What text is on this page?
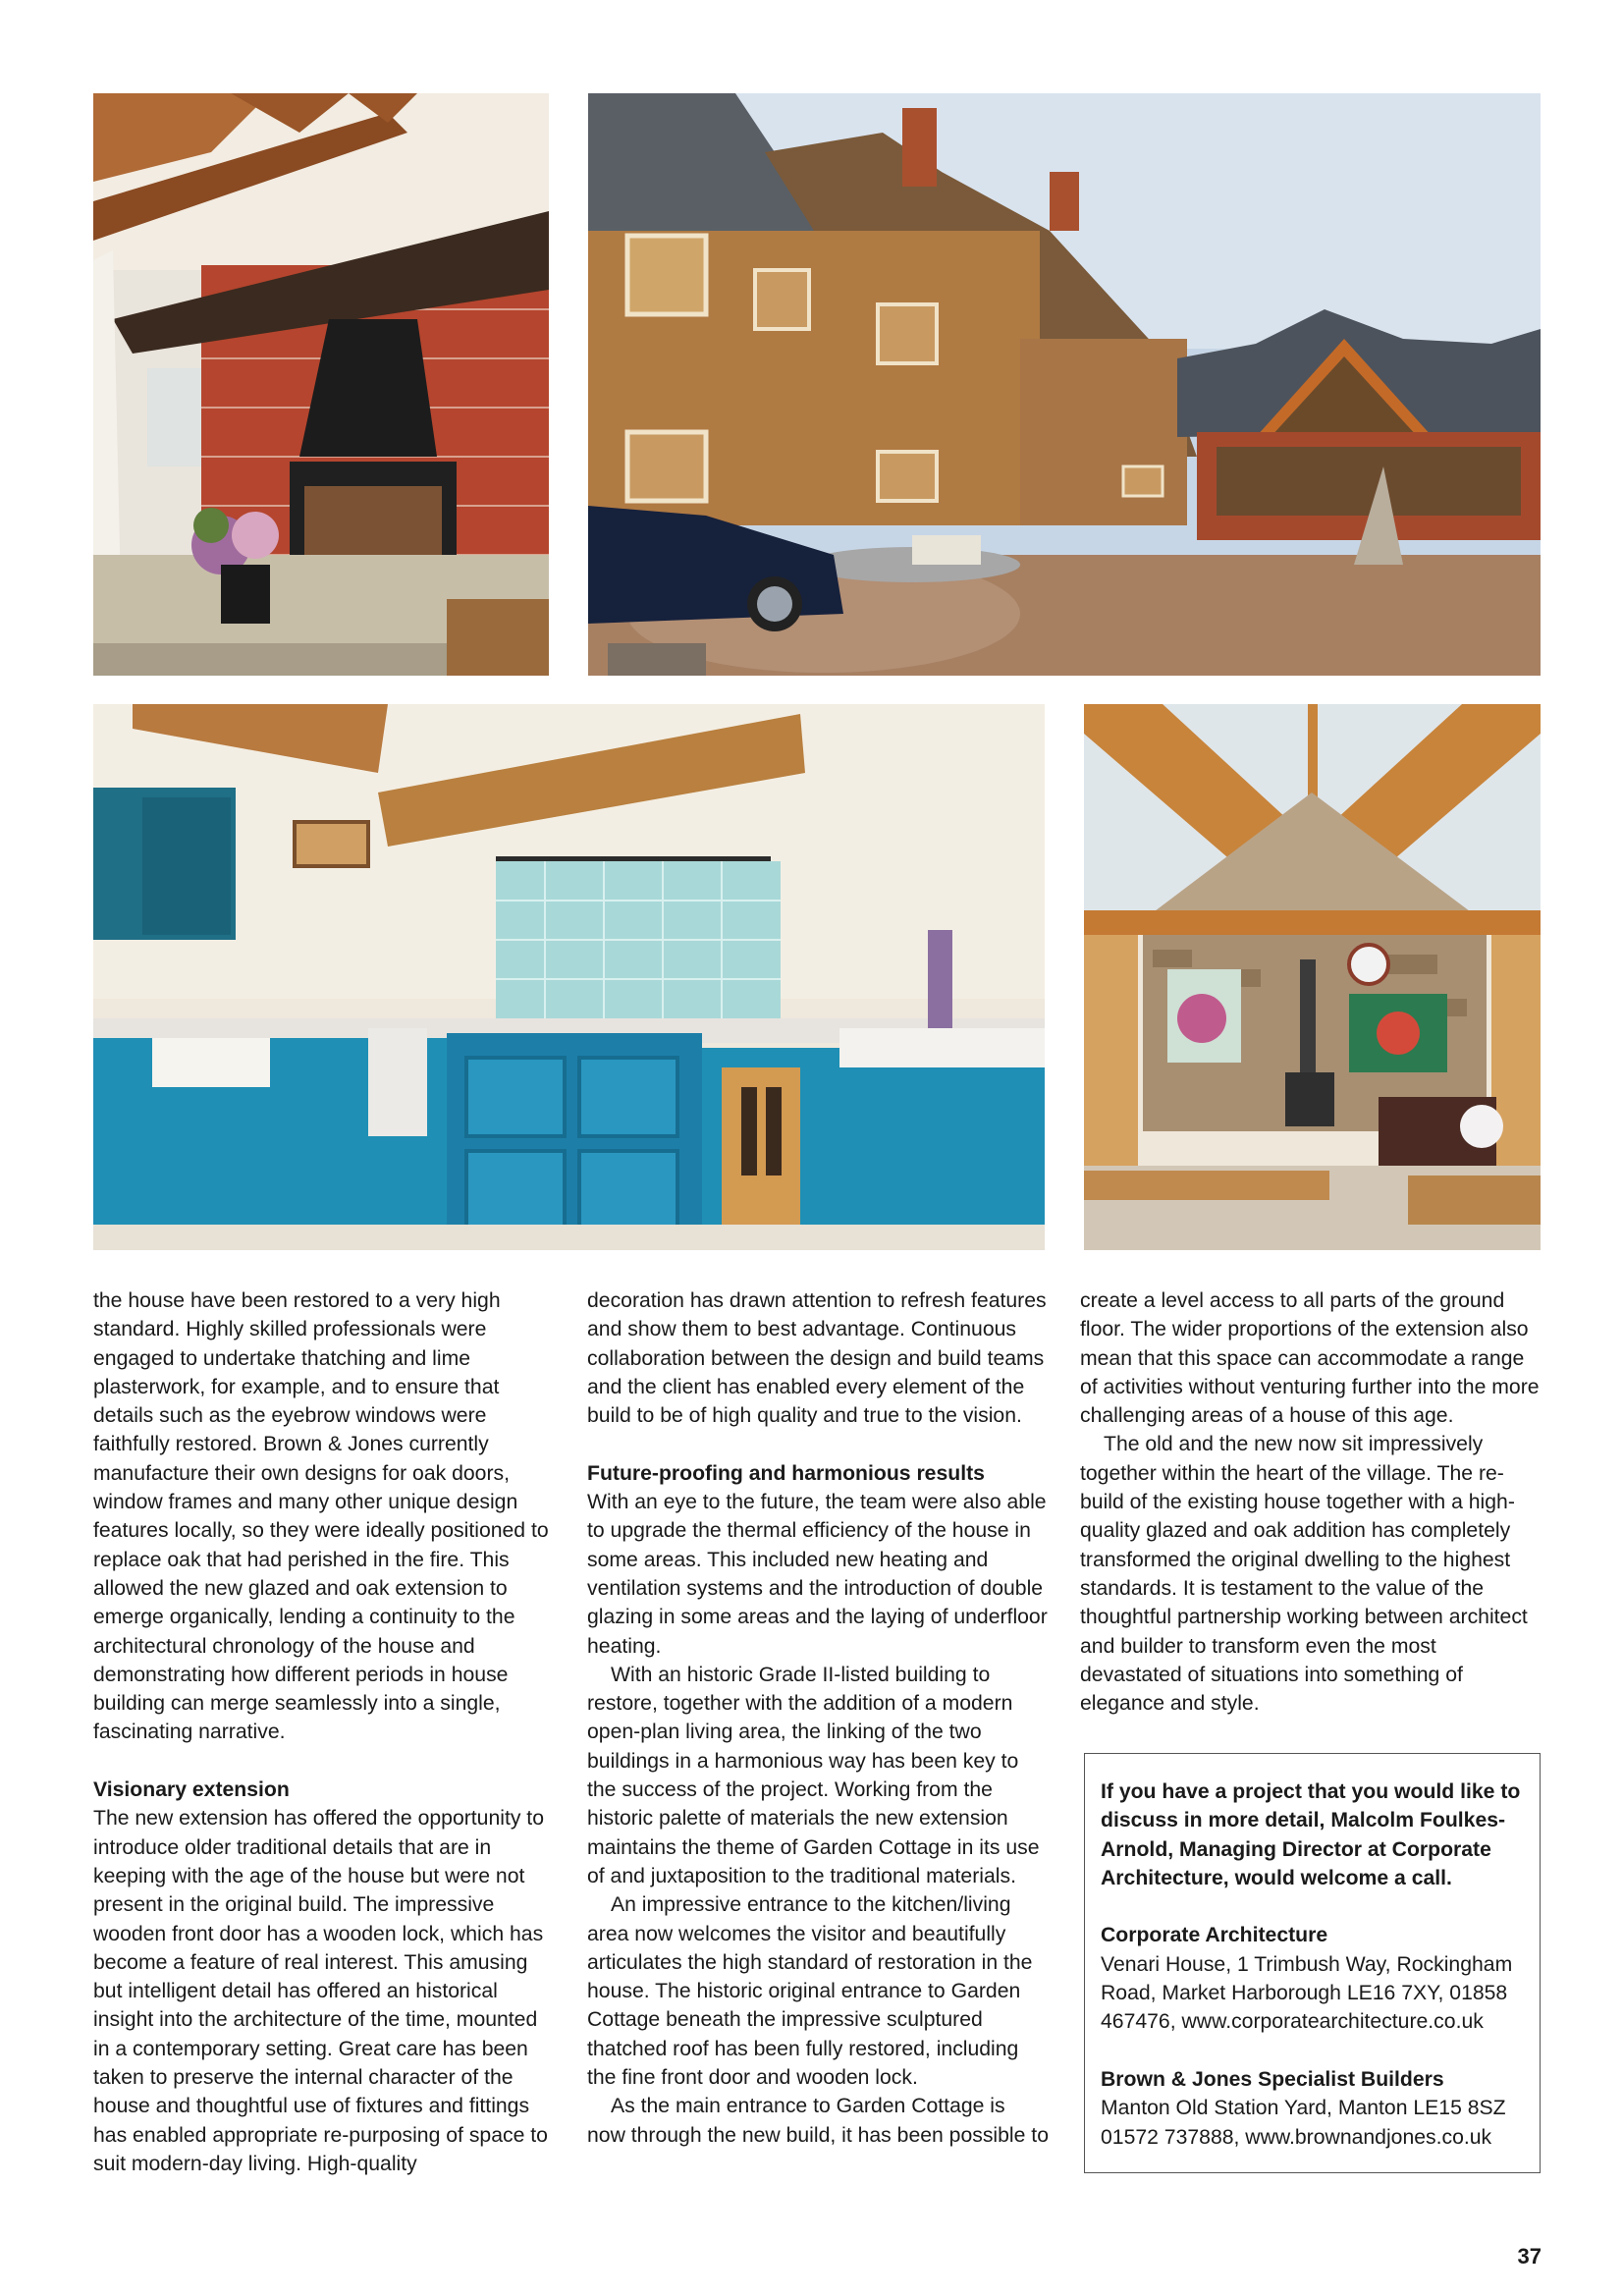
the house have been restored to a very high standard. Highly skilled professionals were engaged to undertake thatching and lime plasterwork, for example, and to ensure that details such as the eyebrow windows were faithfully restored. Brown & Jones currently manufacture their own designs for oak doors, window frames and many other unique design features locally, so they were ideally positioned to replace oak that had perished in the fire. This allowed the new glazed and oak extension to emerge organically, lending a continuity to the architectural chronology of the house and demonstrating how different periods in house building can merge seamlessly into a single, fascinating narrative.

Visionary extension

The new extension has offered the opportunity to introduce older traditional details that are in keeping with the age of the house but were not present in the original build. The impressive wooden front door has a wooden lock, which has become a feature of real interest. This amusing but intelligent detail has offered an historical insight into the architecture of the time, mounted in a contemporary setting. Great care has been taken to preserve the internal character of the house and thoughtful use of fixtures and fittings has enabled appropriate re-purposing of space to suit modern-day living. High-quality

decoration has drawn attention to refresh features and show them to best advantage. Continuous collaboration between the design and build teams and the client has enabled every element of the build to be of high quality and true to the vision.

Future-proofing and harmonious results

With an eye to the future, the team were also able to upgrade the thermal efficiency of the house in some areas. This included new heating and ventilation systems and the introduction of double glazing in some areas and the laying of underfloor heating.

With an historic Grade II-listed building to restore, together with the addition of a modern open-plan living area, the linking of the two buildings in a harmonious way has been key to the success of the project. Working from the historic palette of materials the new extension maintains the theme of Garden Cottage in its use of and juxtaposition to the traditional materials.

An impressive entrance to the kitchen/living area now welcomes the visitor and beautifully articulates the high standard of restoration in the house. The historic original entrance to Garden Cottage beneath the impressive sculptured thatched roof has been fully restored, including the fine front door and wooden lock.

As the main entrance to Garden Cottage is now through the new build, it has been possible to

create a level access to all parts of the ground floor. The wider proportions of the extension also mean that this space can accommodate a range of activities without venturing further into the more challenging areas of a house of this age.

The old and the new now sit impressively together within the heart of the village. The re-build of the existing house together with a high-quality glazed and oak addition has completely transformed the original dwelling to the highest standards. It is testament to the value of the thoughtful partnership working between architect and builder to transform even the most devastated of situations into something of elegance and style.

If you have a project that you would like to discuss in more detail, Malcolm Foulkes-Arnold, Managing Director at Corporate Architecture, would welcome a call.

Corporate Architecture

Venari House, 1 Trimbush Way, Rockingham Road, Market Harborough LE16 7XY, 01858 467476, www.corporatearchitecture.co.uk

Brown & Jones Specialist Builders

Manton Old Station Yard, Manton LE15 8SZ 01572 737888, www.brownandjones.co.uk

37
